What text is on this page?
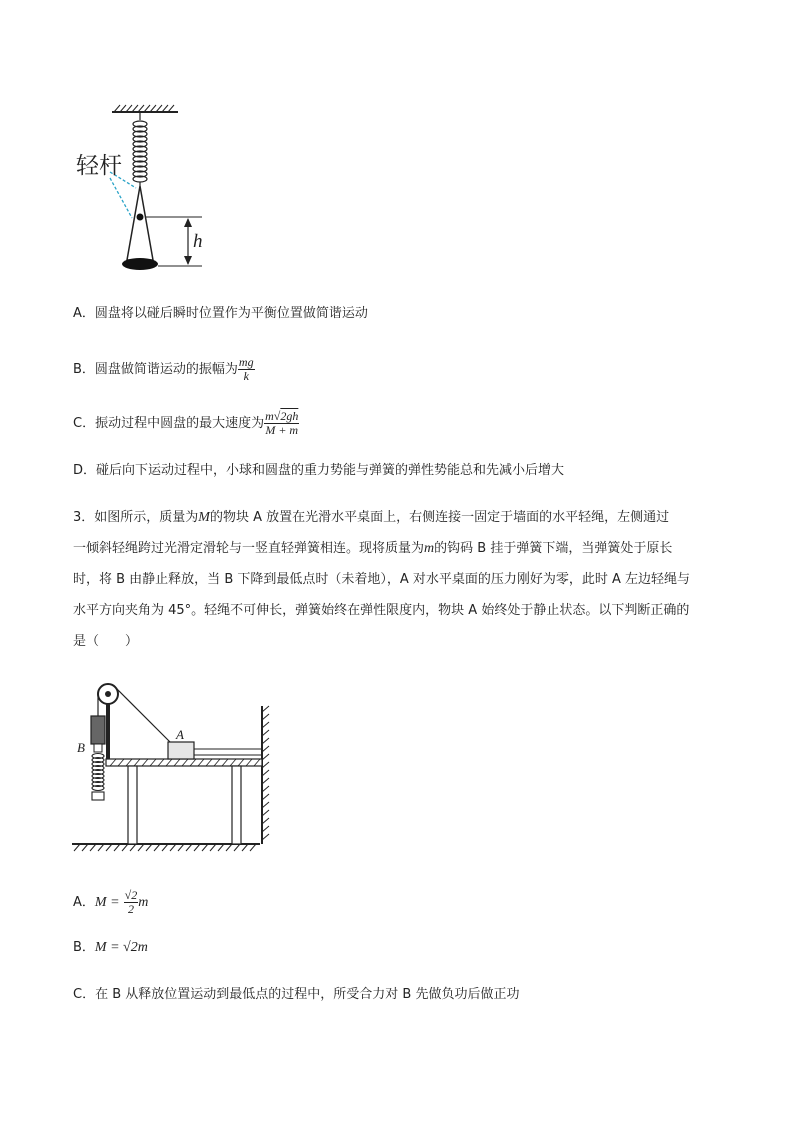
轻杆
h
A．圆盘将以碰后瞬时位置作为平衡位置做简谐运动
B．圆盘做简谐运动的振幅为 $\frac{mg}{k}$
C．振动过程中圆盘的最大速度为 $\frac{m√2gh}{M + m}$
D．碰后向下运动过程中，小球和圆盘的重力势能与弹簧的弹性势能总和先减小后增大
3．如图所示，质量为M的物块 A 放置在光滑水平桌面上，右侧连接一固定于墙面的水平轻绳，左侧通过
一倾斜轻绳跨过光滑定滑轮与一竖直轻弹簧相连。现将质量为m的钩码 B 挂于弹簧下端，当弹簧处于原长
时，将 B 由静止释放，当 B 下降到最低点时（未着地），A 对水平桌面的压力刚好为零，此时 A 左边轻绳与
水平方向夹角为 45°。轻绳不可伸长，弹簧始终在弹性限度内，物块 A 始终处于静止状态。以下判断正确的
是（　　）
A
B
A．$M = \frac{√2}{2}$ m
B．M = √2m
C．在 B 从释放位置运动到最低点的过程中，所受合力对 B 先做负功后做正功
